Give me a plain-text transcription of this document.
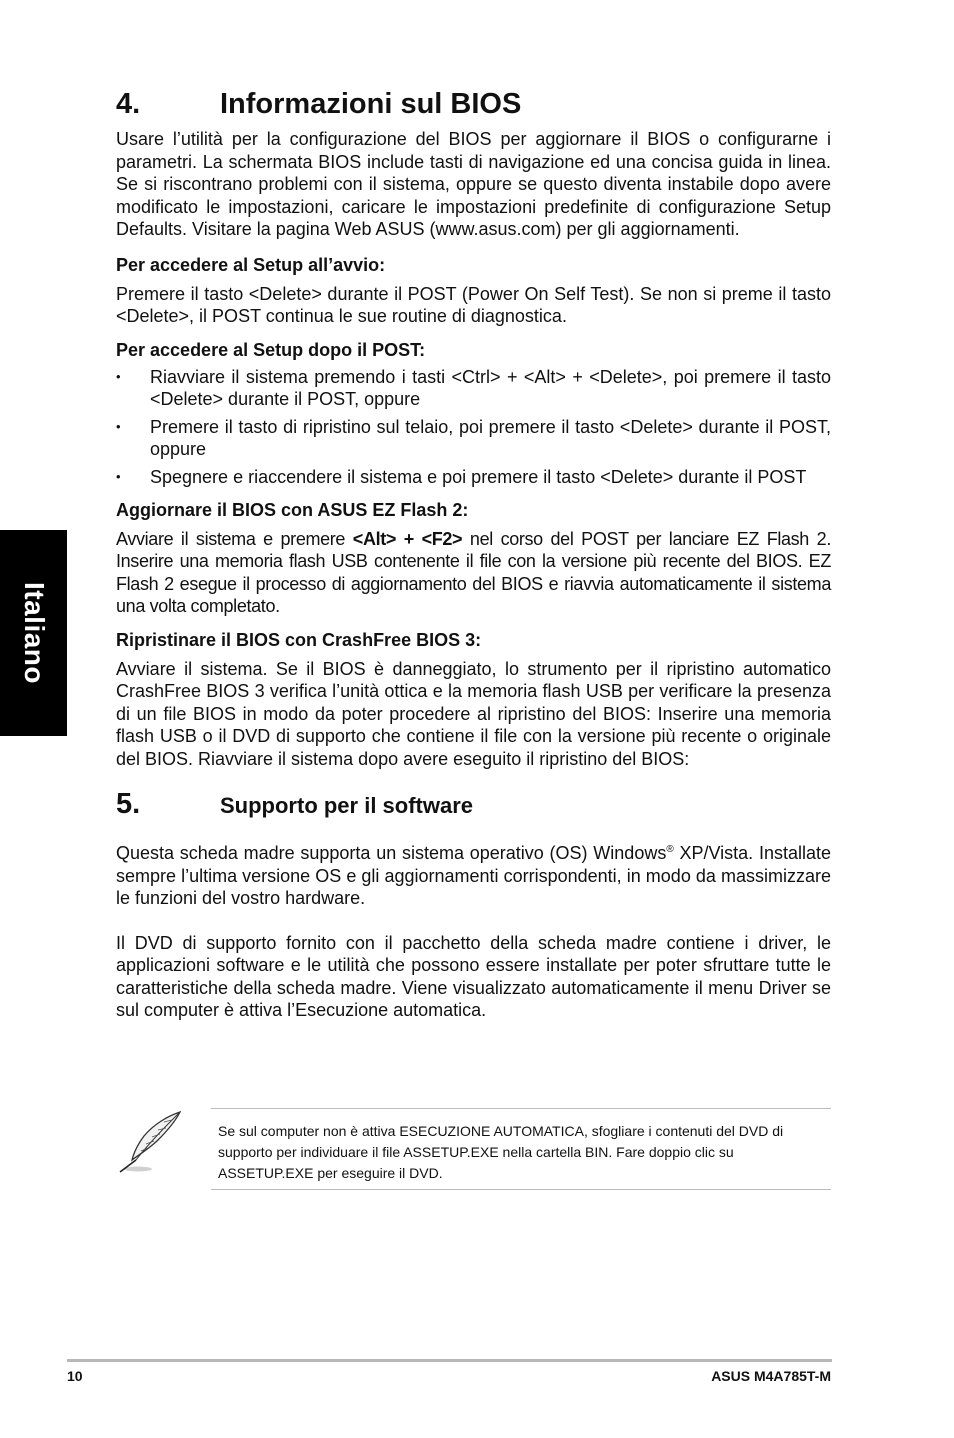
Italiano
4.	Informazioni sul BIOS

Usare l’utilità per la configurazione del BIOS per aggiornare il BIOS o configurarne i parametri. La schermata BIOS include tasti di navigazione ed una concisa guida in linea. Se si riscontrano problemi con il sistema, oppure se questo diventa instabile dopo avere modificato le impostazioni, caricare le impostazioni predefinite di configurazione Setup Defaults. Visitare la pagina Web ASUS (www.asus.com) per gli aggiornamenti.

Per accedere al Setup all’avvio:

Premere il tasto <Delete> durante il POST (Power On Self Test). Se non si preme il tasto <Delete>, il POST continua le sue routine di diagnostica.

Per accedere al Setup dopo il POST:
• Riavviare il sistema premendo i tasti <Ctrl> + <Alt> + <Delete>, poi premere il tasto <Delete> durante il POST, oppure
• Premere il tasto di ripristino sul telaio, poi premere il tasto <Delete> durante il POST, oppure
• Spegnere e riaccendere il sistema e poi premere il tasto <Delete> durante il POST
Aggiornare il BIOS con ASUS EZ Flash 2:

Avviare il sistema e premere <Alt> + <F2> nel corso del POST per lanciare EZ Flash 2. Inserire una memoria flash USB contenente il file con la versione più recente del BIOS. EZ Flash 2 esegue il processo di aggiornamento del BIOS e riavvia automaticamente il sistema una volta completato.

Ripristinare il BIOS con CrashFree BIOS 3:

Avviare il sistema. Se il BIOS è danneggiato, lo strumento per il ripristino automatico CrashFree BIOS 3 verifica l’unità ottica e la memoria flash USB per verificare la presenza di un file BIOS in modo da poter procedere al ripristino del BIOS: Inserire una memoria flash USB o il DVD di supporto che contiene il file con la versione più recente o originale del BIOS. Riavviare il sistema dopo avere eseguito il ripristino del BIOS:

5.	Supporto per il software

Questa scheda madre supporta un sistema operativo (OS) Windows® XP/Vista. Installate sempre l’ultima versione OS e gli aggiornamenti corrispondenti, in modo da massimizzare le funzioni del vostro hardware.

Il DVD di supporto fornito con il pacchetto della scheda madre contiene i driver, le applicazioni software e le utilità che possono essere installate per poter sfruttare tutte le caratteristiche della scheda madre. Viene visualizzato automaticamente il menu Driver se sul computer è attiva l’Esecuzione automatica.

Se sul computer non è attiva ESECUZIONE AUTOMATICA, sfogliare i contenuti del DVD di supporto per individuare il file ASSETUP.EXE nella cartella BIN. Fare doppio clic su ASSETUP.EXE per eseguire il DVD.

10	ASUS M4A785T-M
